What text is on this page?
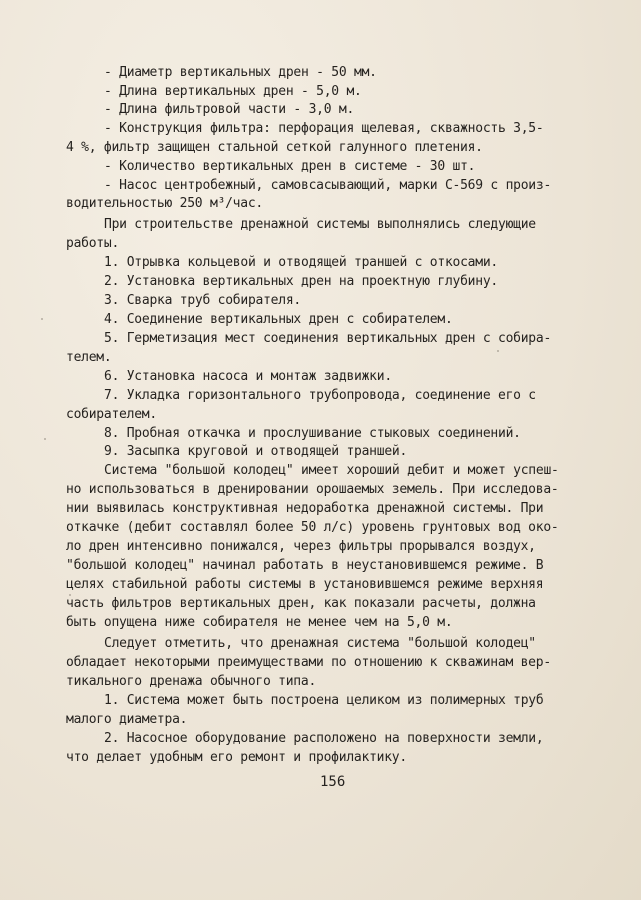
- Диаметр вертикальных дрен - 50 мм.
- Длина вертикальных дрен - 5,0 м.
- Длина фильтровой части - 3,0 м.
- Конструкция фильтра: перфорация щелевая, скважность 3,5-
4 %, фильтр защищен стальной сеткой галунного плетения.
- Количество вертикальных дрен в системе - 30 шт.
- Насос центробежный, самовсасывающий, марки С-569 с произ-
водительностью 250 м³/час.
При строительстве дренажной системы выполнялись следующие
работы.
1. Отрывка кольцевой и отводящей траншей с откосами.
2. Установка вертикальных дрен на проектную глубину.
3. Сварка труб собирателя.
4. Соединение вертикальных дрен с собирателем.
5. Герметизация мест соединения вертикальных дрен с собира-
телем.
6. Установка насоса и монтаж задвижки.
7. Укладка горизонтального трубопровода, соединение его с
собирателем.
8. Пробная откачка и прослушивание стыковых соединений.
9. Засыпка круговой и отводящей траншей.
Система "большой колодец" имеет хороший дебит и может успеш-
но использоваться в дренировании орошаемых земель. При исследова-
нии выявилась конструктивная недоработка дренажной системы. При
откачке (дебит составлял более 50 л/с) уровень грунтовых вод око-
ло дрен интенсивно понижался, через фильтры прорывался воздух,
"большой колодец" начинал работать в неустановившемся режиме. В
целях стабильной работы системы в установившемся режиме верхняя
часть фильтров вертикальных дрен, как показали расчеты, должна
быть опущена ниже собирателя не менее чем на 5,0 м.
Следует отметить, что дренажная система "большой колодец"
обладает некоторыми преимуществами по отношению к скважинам вер-
тикального дренажа обычного типа.
1. Система может быть построена целиком из полимерных труб
малого диаметра.
2. Насосное оборудование расположено на поверхности земли,
что делает удобным его ремонт и профилактику.
156
